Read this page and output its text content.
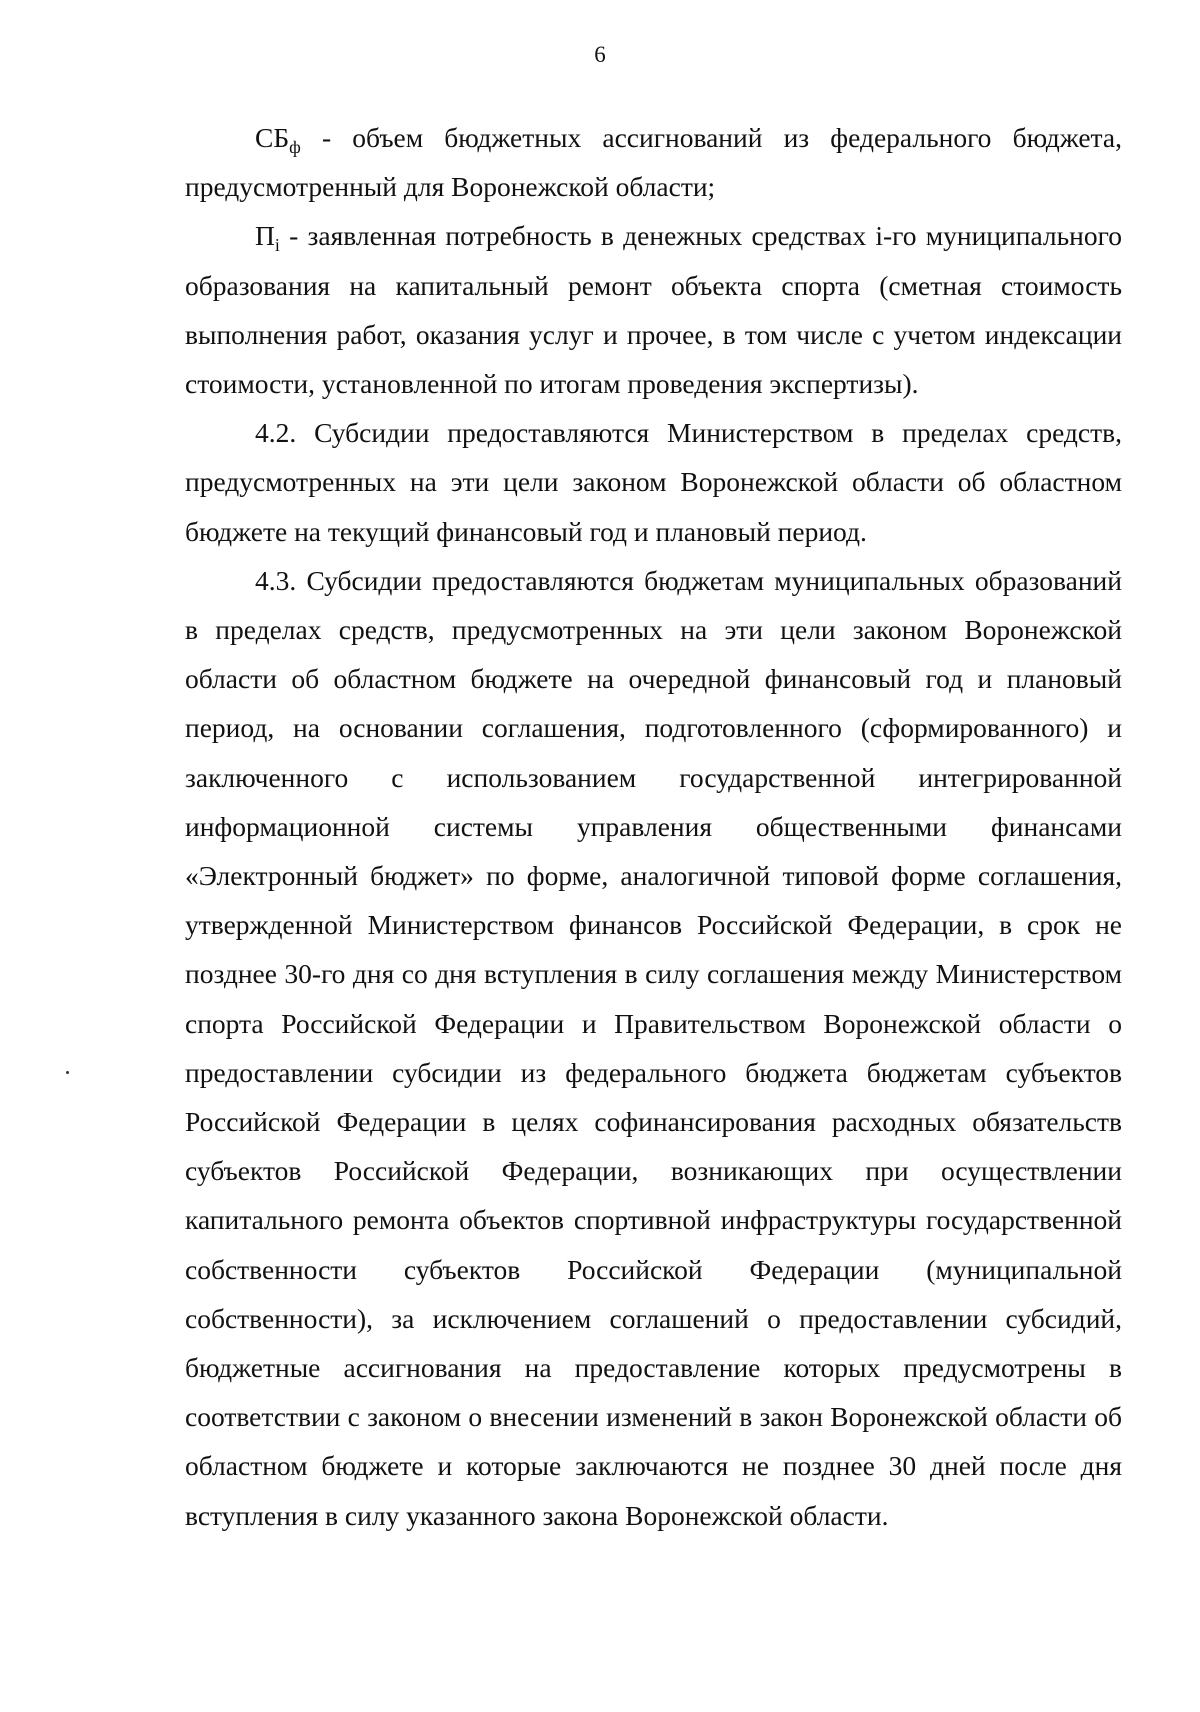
6

$СБ_ф$ - объем бюджетных ассигнований из федерального бюджета, предусмотренный для Воронежской области;

$П_i$ - заявленная потребность в денежных средствах i-го муниципального образования на капитальный ремонт объекта спорта (сметная стоимость выполнения работ, оказания услуг и прочее, в том числе с учетом индексации стоимости, установленной по итогам проведения экспертизы).

4.2. Субсидии предоставляются Министерством в пределах средств, предусмотренных на эти цели законом Воронежской области об областном бюджете на текущий финансовый год и плановый период.

4.3. Субсидии предоставляются бюджетам муниципальных образований в пределах средств, предусмотренных на эти цели законом Воронежской области об областном бюджете на очередной финансовый год и плановый период, на основании соглашения, подготовленного (сформированного) и заключенного с использованием государственной интегрированной информационной системы управления общественными финансами «Электронный бюджет» по форме, аналогичной типовой форме соглашения, утвержденной Министерством финансов Российской Федерации, в срок не позднее 30-го дня со дня вступления в силу соглашения между Министерством спорта Российской Федерации и Правительством Воронежской области о предоставлении субсидии из федерального бюджета бюджетам субъектов Российской Федерации в целях софинансирования расходных обязательств субъектов Российской Федерации, возникающих при осуществлении капитального ремонта объектов спортивной инфраструктуры государственной собственности субъектов Российской Федерации (муниципальной собственности), за исключением соглашений о предоставлении субсидий, бюджетные ассигнования на предоставление которых предусмотрены в соответствии с законом о внесении изменений в закон Воронежской области об областном бюджете и которые заключаются не позднее 30 дней после дня вступления в силу указанного закона Воронежской области.
